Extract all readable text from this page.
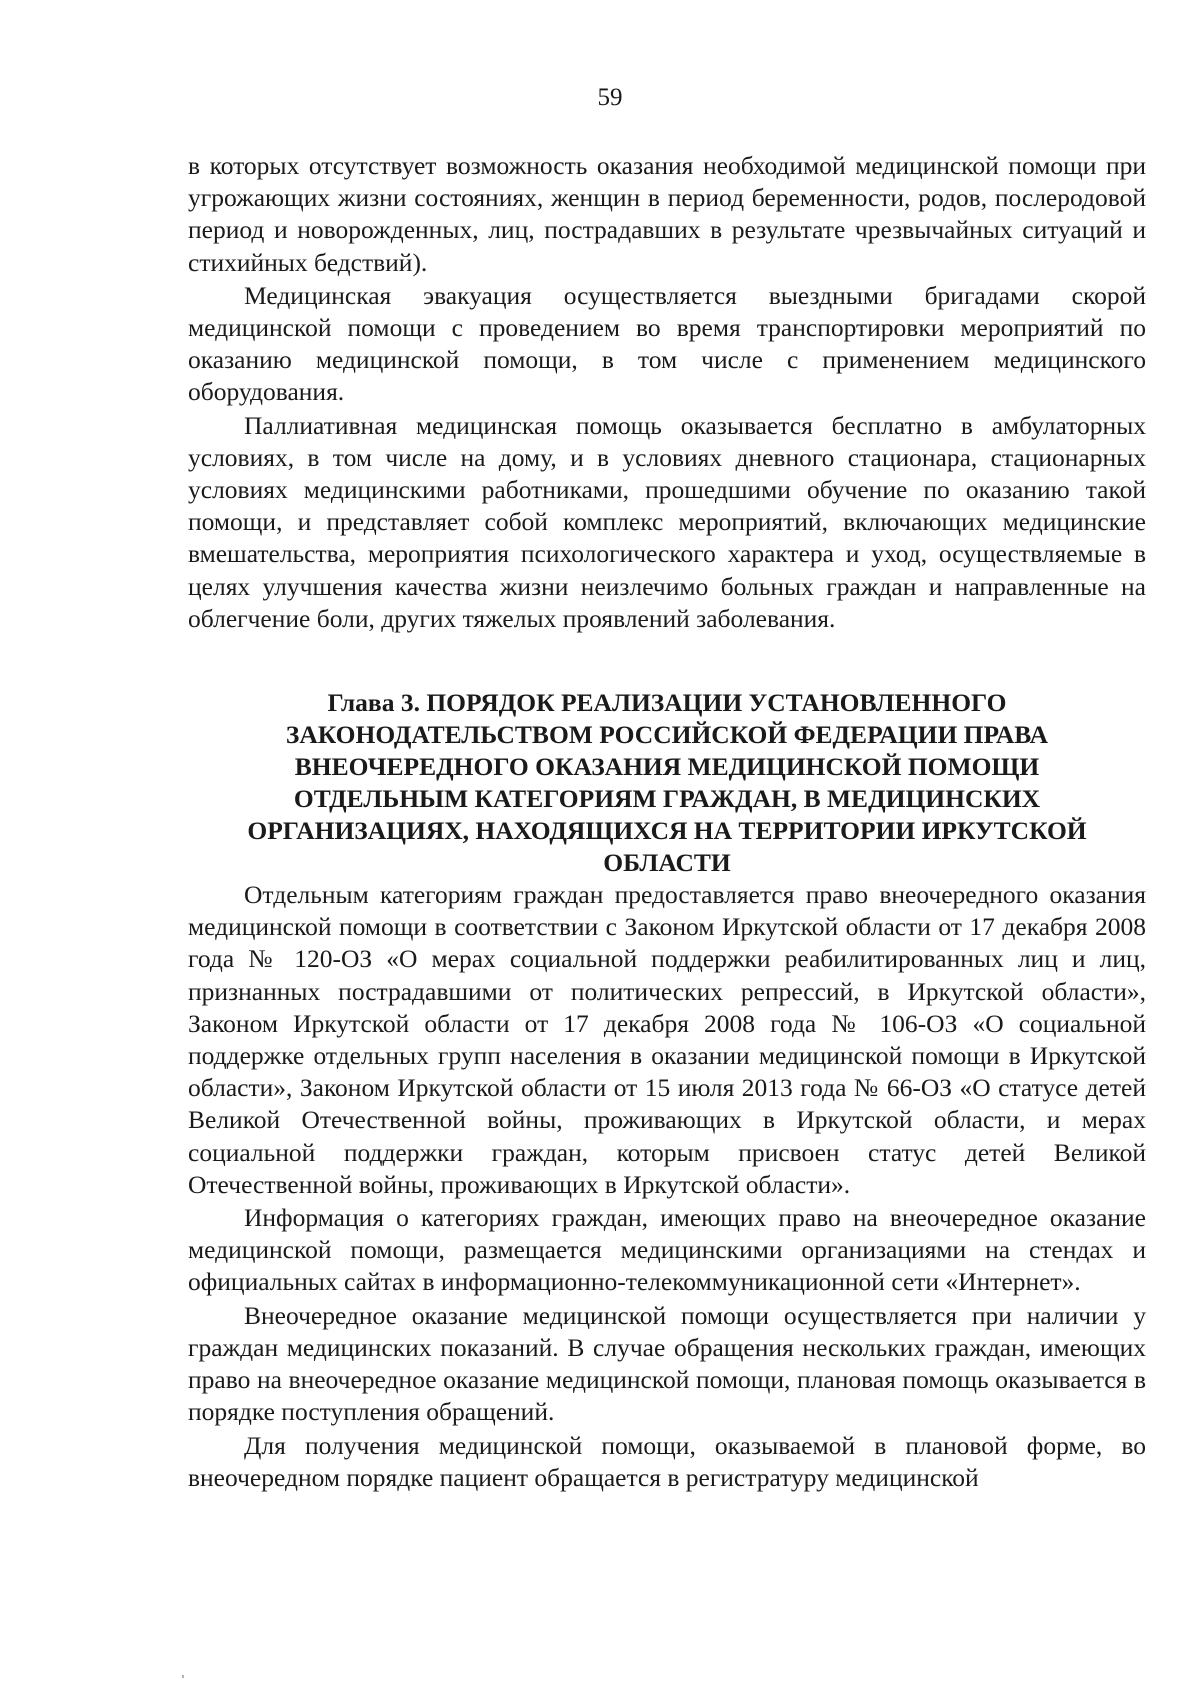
59

в которых отсутствует возможность оказания необходимой медицинской помощи при угрожающих жизни состояниях, женщин в период беременности, родов, послеродовой период и новорожденных, лиц, пострадавших в результате чрезвычайных ситуаций и стихийных бедствий).

Медицинская эвакуация осуществляется выездными бригадами скорой медицинской помощи с проведением во время транспортировки мероприятий по оказанию медицинской помощи, в том числе с применением медицинского оборудования.

Паллиативная медицинская помощь оказывается бесплатно в амбулаторных условиях, в том числе на дому, и в условиях дневного стационара, стационарных условиях медицинскими работниками, прошедшими обучение по оказанию такой помощи, и представляет собой комплекс мероприятий, включающих медицинские вмешательства, мероприятия психологического характера и уход, осуществляемые в целях улучшения качества жизни неизлечимо больных граждан и направленные на облегчение боли, других тяжелых проявлений заболевания.

Глава 3. ПОРЯДОК РЕАЛИЗАЦИИ УСТАНОВЛЕННОГО
ЗАКОНОДАТЕЛЬСТВОМ РОССИЙСКОЙ ФЕДЕРАЦИИ ПРАВА
ВНЕОЧЕРЕДНОГО ОКАЗАНИЯ МЕДИЦИНСКОЙ ПОМОЩИ
ОТДЕЛЬНЫМ КАТЕГОРИЯМ ГРАЖДАН, В МЕДИЦИНСКИХ
ОРГАНИЗАЦИЯХ, НАХОДЯЩИХСЯ НА ТЕРРИТОРИИ ИРКУТСКОЙ
ОБЛАСТИ

Отдельным категориям граждан предоставляется право внеочередного оказания медицинской помощи в соответствии с Законом Иркутской области от 17 декабря 2008 года № 120-ОЗ «О мерах социальной поддержки реабилитированных лиц и лиц, признанных пострадавшими от политических репрессий, в Иркутской области», Законом Иркутской области от 17 декабря 2008 года № 106-ОЗ «О социальной поддержке отдельных групп населения в оказании медицинской помощи в Иркутской области», Законом Иркутской области от 15 июля 2013 года № 66-ОЗ «О статусе детей Великой Отечественной войны, проживающих в Иркутской области, и мерах социальной поддержки граждан, которым присвоен статус детей Великой Отечественной войны, проживающих в Иркутской области».

Информация о категориях граждан, имеющих право на внеочередное оказание медицинской помощи, размещается медицинскими организациями на стендах и официальных сайтах в информационно-телекоммуникационной сети «Интернет».

Внеочередное оказание медицинской помощи осуществляется при наличии у граждан медицинских показаний. В случае обращения нескольких граждан, имеющих право на внеочередное оказание медицинской помощи, плановая помощь оказывается в порядке поступления обращений.

Для получения медицинской помощи, оказываемой в плановой форме, во внеочередном порядке пациент обращается в регистратуру медицинской
